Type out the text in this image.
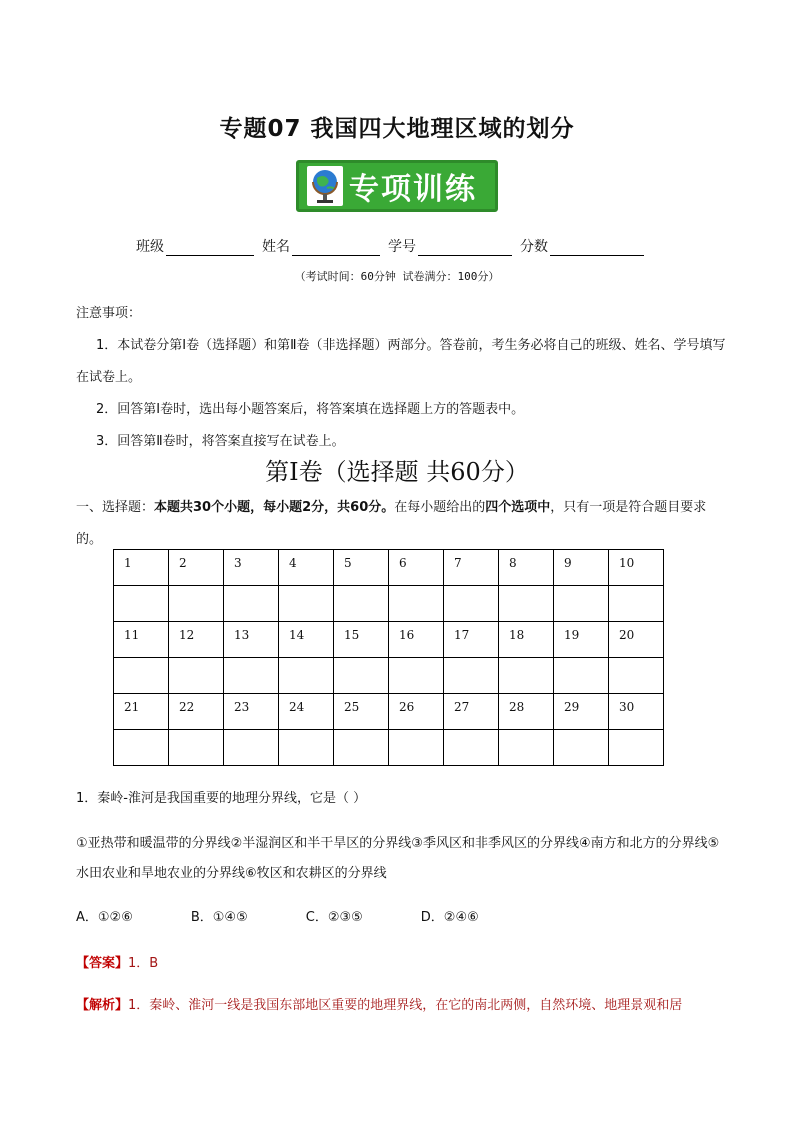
专题07 我国四大地理区域的划分
专项训练
班级	姓名	学号	分数
（考试时间：60分钟 试卷满分：100分）

注意事项：

1．本试卷分第Ⅰ卷（选择题）和第Ⅱ卷（非选择题）两部分。答卷前，考生务必将自己的班级、姓名、学号填写在试卷上。

2．回答第Ⅰ卷时，选出每小题答案后，将答案填在选择题上方的答题表中。

3．回答第Ⅱ卷时，将答案直接写在试卷上。

第Ⅰ卷（选择题 共60分）
一、选择题：本题共30个小题，每小题2分，共60分。在每小题给出的四个选项中，只有一项是符合题目要求的。
1	2	3	4	5	6	7	8	9	10

11	12	13	14	15	16	17	18	19	20

21	22	23	24	25	26	27	28	29	30

1．秦岭-淮河是我国重要的地理分界线，它是（ ）
①亚热带和暖温带的分界线②半湿润区和半干旱区的分界线③季风区和非季风区的分界线④南方和北方的分界线⑤水田农业和旱地农业的分界线⑥牧区和农耕区的分界线
A．①②⑥	B．①④⑤	C．②③⑤	D．②④⑥
【答案】1．B
【解析】1．秦岭、淮河一线是我国东部地区重要的地理界线，在它的南北两侧，自然环境、地理景观和居
